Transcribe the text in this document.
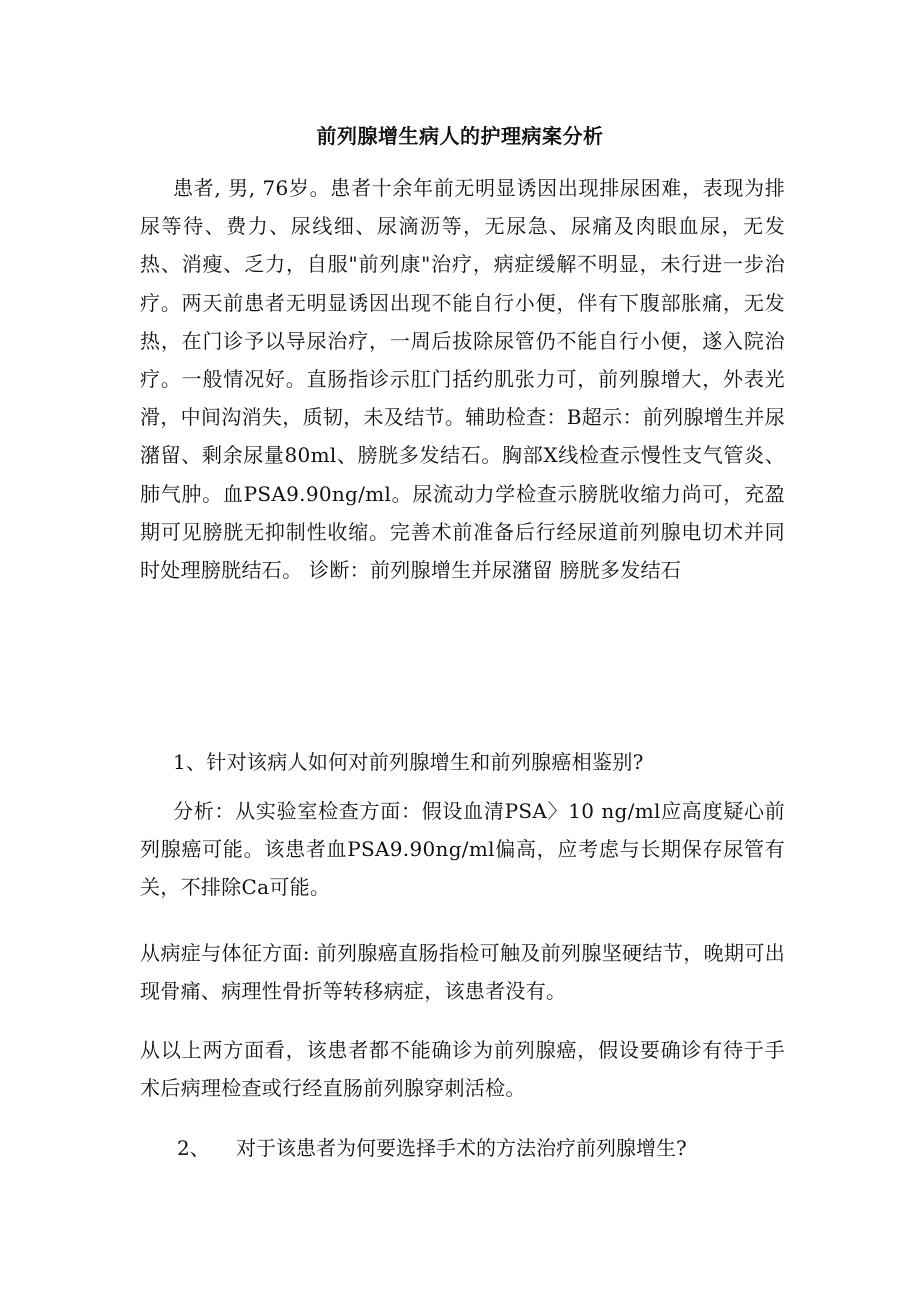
前列腺增生病人的护理病案分析

患者, 男, 76岁。患者十余年前无明显诱因出现排尿困难，表现为排尿等待、费力、尿线细、尿滴沥等，无尿急、尿痛及肉眼血尿，无发热、消瘦、乏力，自服"前列康"治疗，病症缓解不明显，未行进一步治疗。两天前患者无明显诱因出现不能自行小便，伴有下腹部胀痛，无发热，在门诊予以导尿治疗，一周后拔除尿管仍不能自行小便，遂入院治疗。一般情况好。直肠指诊示肛门括约肌张力可，前列腺增大，外表光滑，中间沟消失，质韧，未及结节。辅助检查：B超示：前列腺增生并尿潴留、剩余尿量80ml、膀胱多发结石。胸部X线检查示慢性支气管炎、肺气肿。血PSA9.90ng/ml。尿流动力学检查示膀胱收缩力尚可，充盈期可见膀胱无抑制性收缩。完善术前准备后行经尿道前列腺电切术并同时处理膀胱结石。 诊断：前列腺增生并尿潴留 膀胱多发结石

1、针对该病人如何对前列腺增生和前列腺癌相鉴别?

分析：从实验室检查方面：假设血清PSA〉10 ng/ml应高度疑心前列腺癌可能。该患者血PSA9.90ng/ml偏高，应考虑与长期保存尿管有关，不排除Ca可能。

从病症与体征方面: 前列腺癌直肠指检可触及前列腺坚硬结节，晚期可出现骨痛、病理性骨折等转移病症，该患者没有。

从以上两方面看，该患者都不能确诊为前列腺癌，假设要确诊有待于手术后病理检查或行经直肠前列腺穿刺活检。

2、 对于该患者为何要选择手术的方法治疗前列腺增生?
